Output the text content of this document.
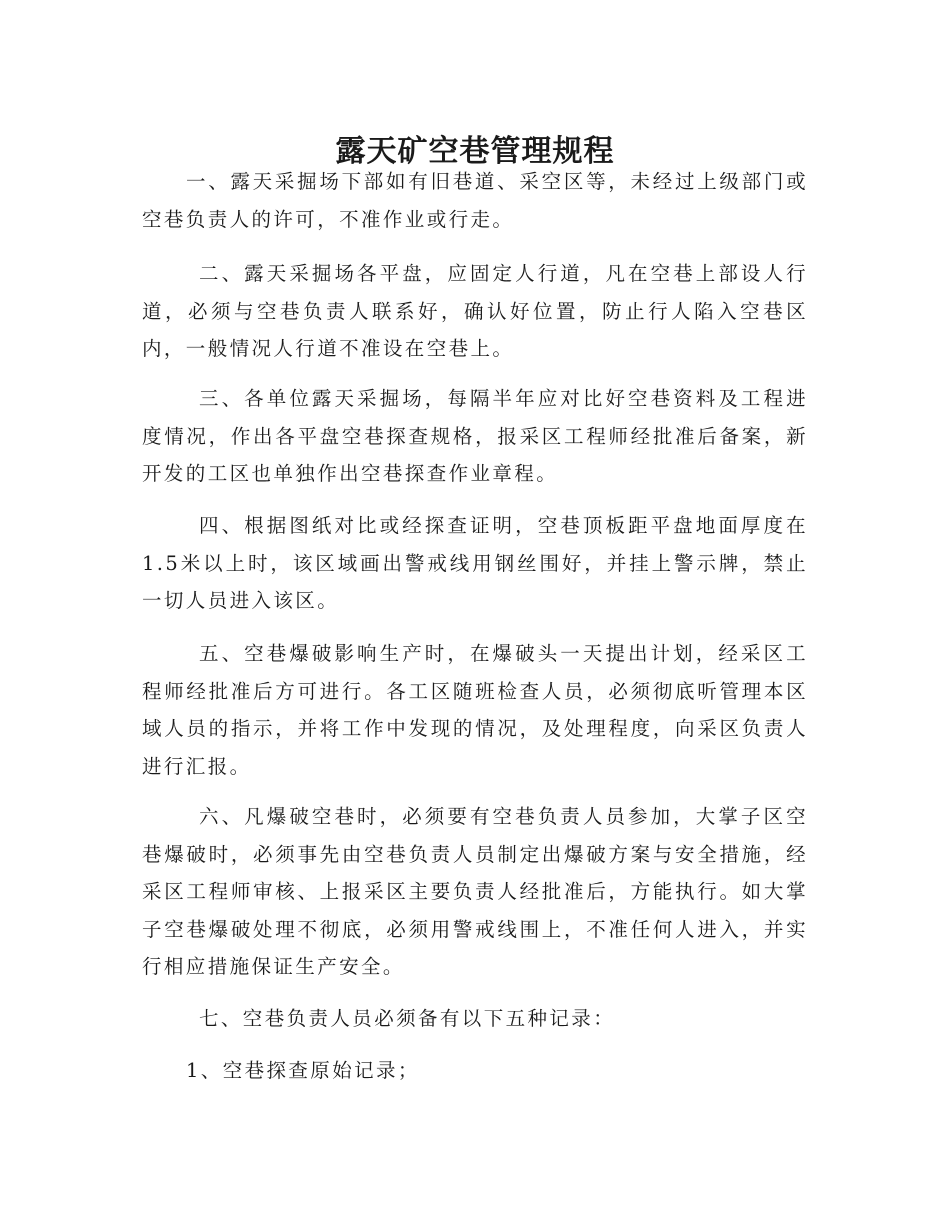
露天矿空巷管理规程

一、露天采掘场下部如有旧巷道、采空区等，未经过上级部门或空巷负责人的许可，不准作业或行走。

二、露天采掘场各平盘，应固定人行道，凡在空巷上部设人行道，必须与空巷负责人联系好，确认好位置，防止行人陷入空巷区内，一般情况人行道不准设在空巷上。

三、各单位露天采掘场，每隔半年应对比好空巷资料及工程进度情况，作出各平盘空巷探查规格，报采区工程师经批准后备案，新开发的工区也单独作出空巷探查作业章程。

四、根据图纸对比或经探查证明，空巷顶板距平盘地面厚度在1.5米以上时，该区域画出警戒线用钢丝围好，并挂上警示牌，禁止一切人员进入该区。

五、空巷爆破影响生产时，在爆破头一天提出计划，经采区工程师经批准后方可进行。各工区随班检查人员，必须彻底听管理本区域人员的指示，并将工作中发现的情况，及处理程度，向采区负责人进行汇报。

六、凡爆破空巷时，必须要有空巷负责人员参加，大掌子区空巷爆破时，必须事先由空巷负责人员制定出爆破方案与安全措施，经采区工程师审核、上报采区主要负责人经批准后，方能执行。如大掌子空巷爆破处理不彻底，必须用警戒线围上，不准任何人进入，并实行相应措施保证生产安全。

七、空巷负责人员必须备有以下五种记录：

1、空巷探查原始记录；
